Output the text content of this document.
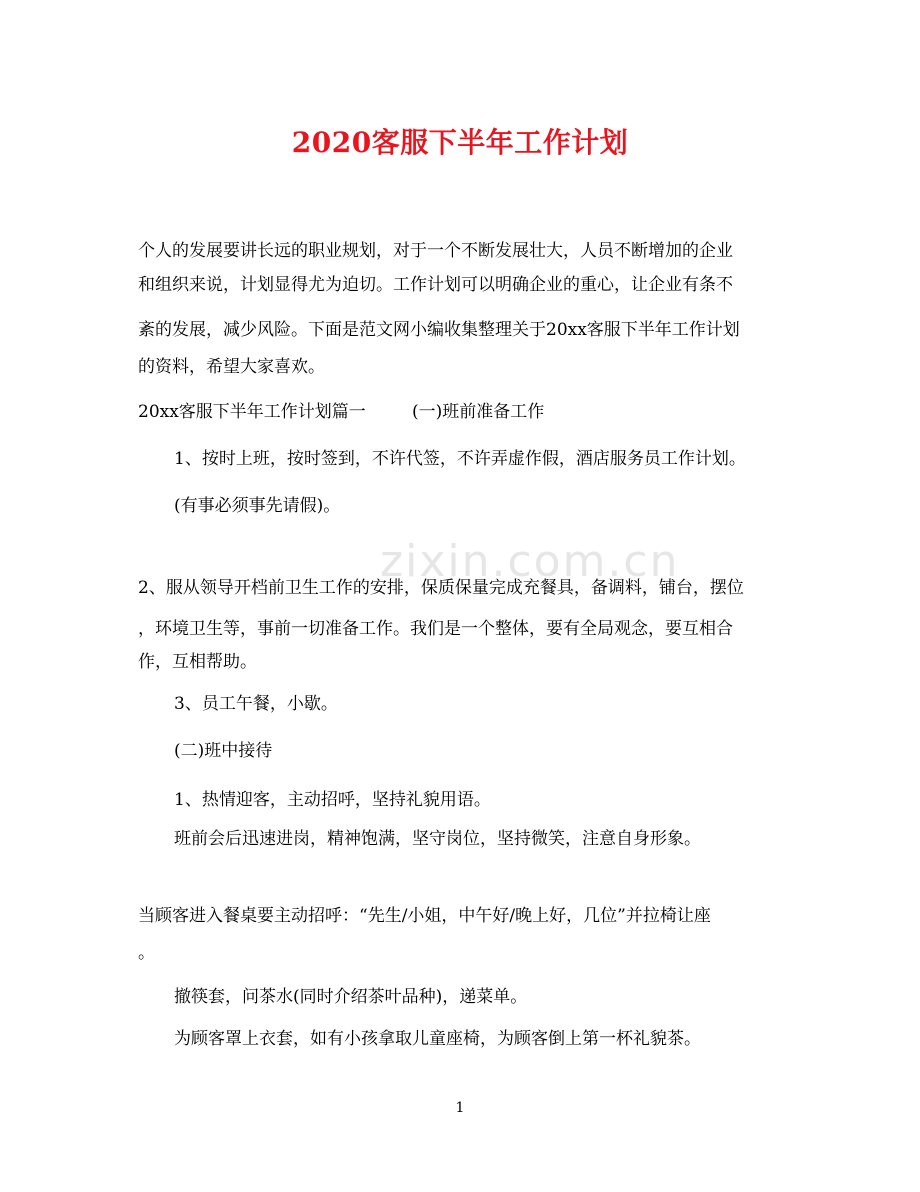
zixin.com.cn
2020客服下半年工作计划
个人的发展要讲长远的职业规划，对于一个不断发展壮大，人员不断增加的企业
和组织来说，计划显得尤为迫切。工作计划可以明确企业的重心，让企业有条不
紊的发展，减少风险。下面是范文网小编收集整理关于20xx客服下半年工作计划
的资料，希望大家喜欢。
20xx客服下半年工作计划篇一	(一)班前准备工作
1、按时上班，按时签到，不许代签，不许弄虚作假，酒店服务员工作计划。
(有事必须事先请假)。
2、服从领导开档前卫生工作的安排，保质保量完成充餐具，备调料，铺台，摆位
，环境卫生等，事前一切准备工作。我们是一个整体，要有全局观念，要互相合
作，互相帮助。
3、员工午餐，小歇。
(二)班中接待
1、热情迎客，主动招呼，坚持礼貌用语。
班前会后迅速进岗，精神饱满，坚守岗位，坚持微笑，注意自身形象。
当顾客进入餐桌要主动招呼：“先生/小姐，中午好/晚上好，几位”并拉椅让座
。
撤筷套，问茶水(同时介绍茶叶品种)，递菜单。
为顾客罩上衣套，如有小孩拿取儿童座椅，为顾客倒上第一杯礼貌茶。
1
